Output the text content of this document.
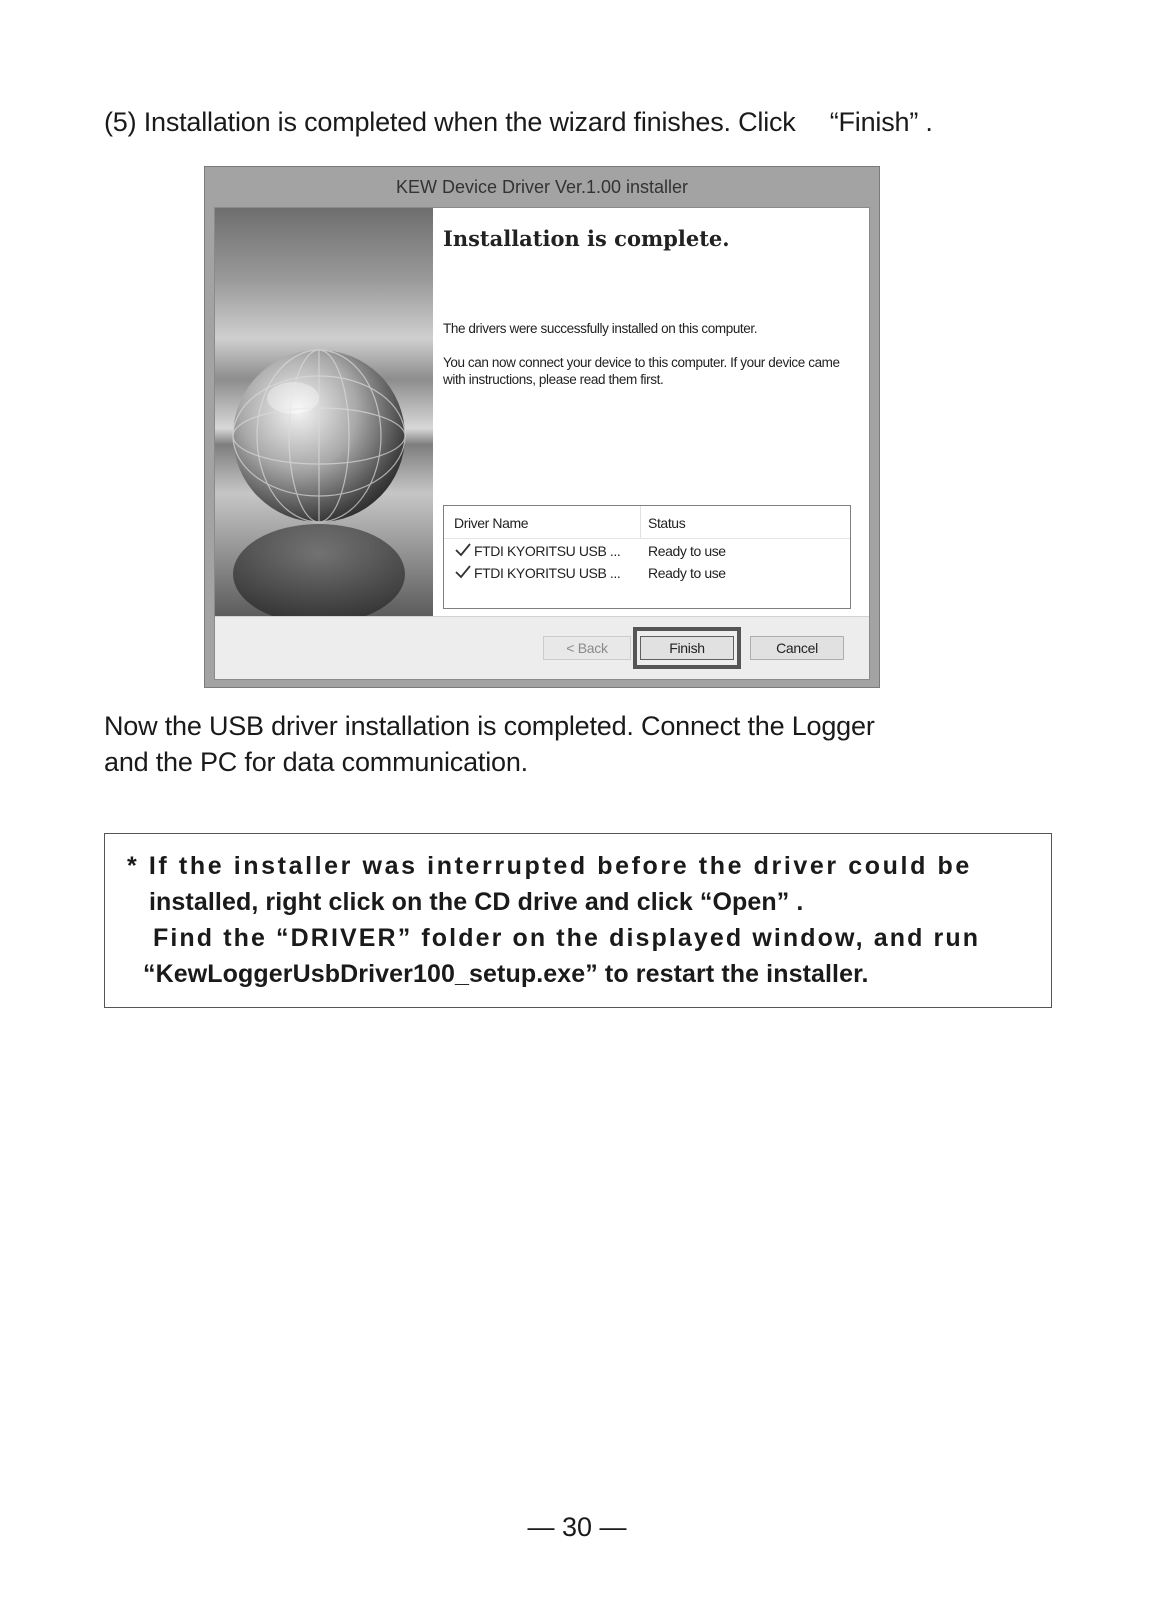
(5) Installation is completed when the wizard finishes. Click 　“Finish” .
KEW Device Driver Ver.1.00 installer
Installation is complete.
The drivers were successfully installed on this computer.
You can now connect your device to this computer. If your device came with instructions, please read them first.
Driver Name	Status
FTDI KYORITSU USB ... Ready to use
FTDI KYORITSU USB ... Ready to use
< Back	Finish	Cancel
Now the USB driver installation is completed. Connect the Logger
and the PC for data communication.
* If the installer was interrupted before the driver could be
installed, right click on the CD drive and click “Open” .
Find the “DRIVER” folder on the displayed window, and run
“KewLoggerUsbDriver100_setup.exe” to restart the installer.
— 30 —
